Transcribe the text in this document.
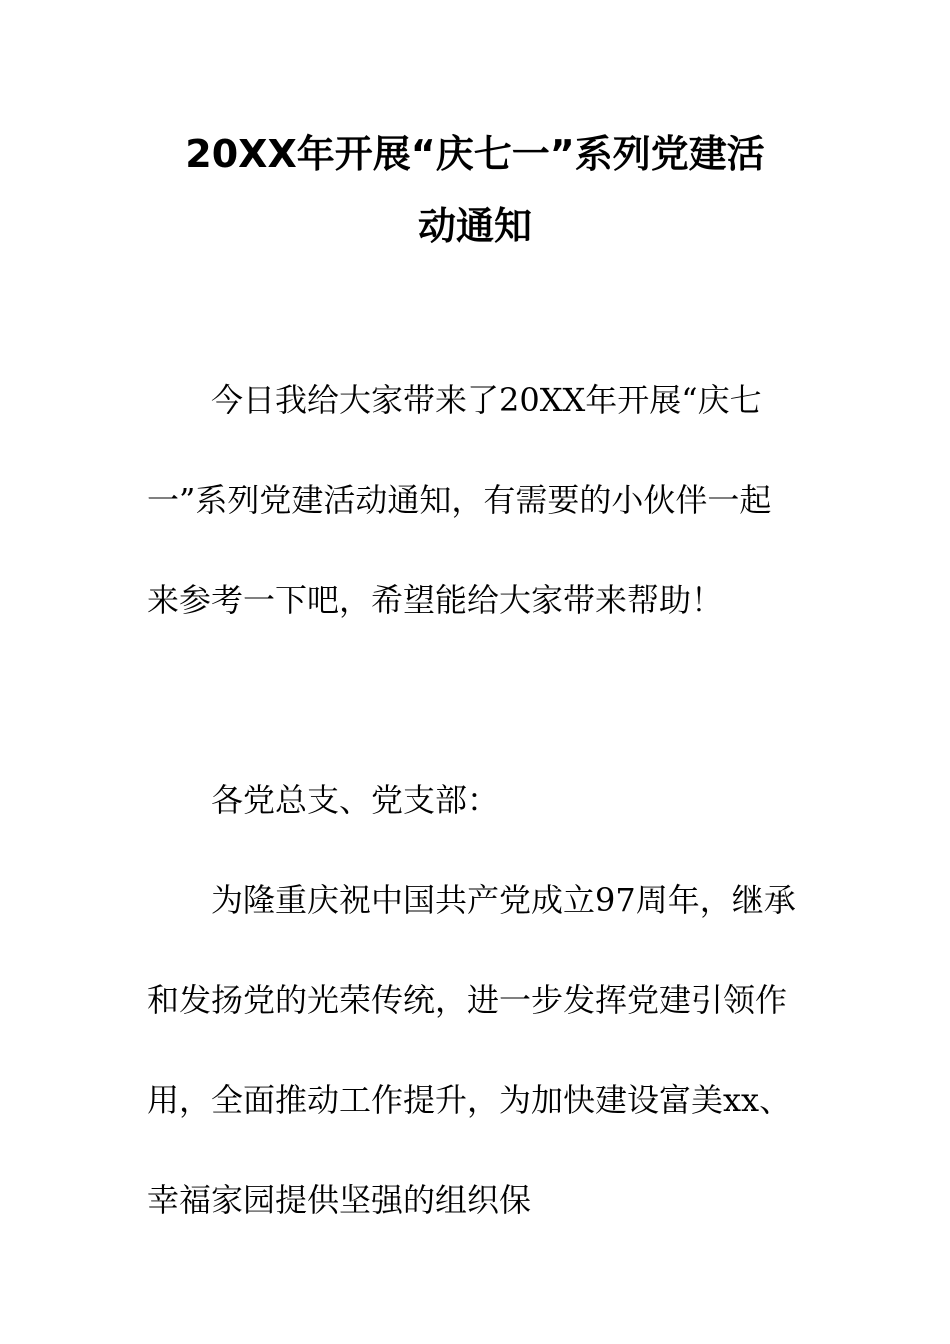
20XX年开展“庆七一”系列党建活
动通知

今日我给大家带来了20XX年开展“庆七一”系列党建活动通知，有需要的小伙伴一起来参考一下吧，希望能给大家带来帮助！

各党总支、党支部：

为隆重庆祝中国共产党成立97周年，继承和发扬党的光荣传统，进一步发挥党建引领作用，全面推动工作提升，为加快建设富美xx、幸福家园提供坚强的组织保
